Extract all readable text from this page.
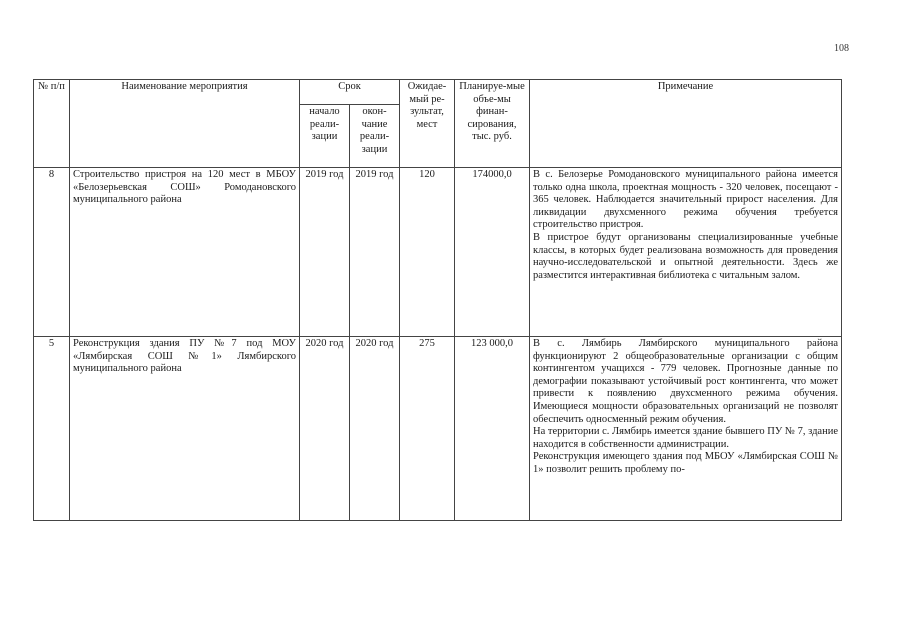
108
№ п/п	Наименование мероприятия	Срок		Ожидае-мый ре-зультат, мест	Планируе-мые объе-мы финан-сирования, тыс. руб.	Примечание
		начало реали-зации	окон-чание реали-зации			
8	Строительство пристроя на 120 мест в МБОУ «Белозерьевская СОШ» Ромодановского муниципального района	2019 год	2019 год	120	174000,0	В с. Белозерье Ромодановского муниципального района имеется только одна школа, проектная мощность - 320 человек, посещают - 365 человек. Наблюдается значительный прирост населения. Для ликвидации двухсменного режима обучения требуется строительство пристроя.

В пристрое будут организованы специализированные учебные классы, в которых будет реализована возможность для проведения научно-исследовательской и опытной деятельности. Здесь же разместится интерактивная библиотека с читальным залом.

5	Реконструкция здания ПУ №7 под МОУ «Лямбирская СОШ №1» Лямбирского муниципального района	2020 год	2020 год	275	123 000,0	В с. Лямбирь Лямбирского муниципального района функционируют 2 общеобразовательные организации с общим контингентом учащихся - 779 человек. Прогнозные данные по демографии показывают устойчивый рост контингента, что может привести к появлению двухсменного режима обучения. Имеющиеся мощности образовательных организаций не позволят обеспечить односменный режим обучения.

На территории с. Лямбирь имеется здание бывшего ПУ № 7, здание находится в собственности администрации.

Реконструкция имеющего здания под МБОУ «Лямбирская СОШ № 1» позволит решить проблему по-
